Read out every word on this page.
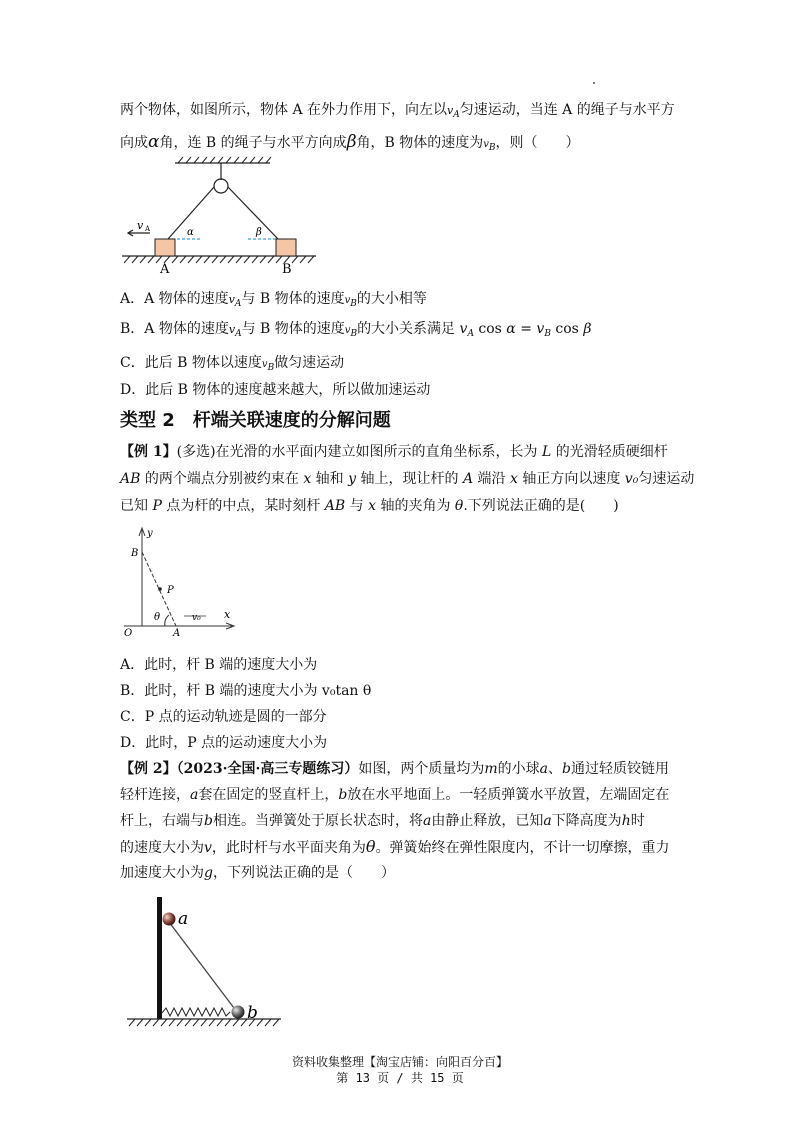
两个物体，如图所示，物体 A 在外力作用下，向左以$v_A$匀速运动，当连 A 的绳子与水平方
向成α角，连 B 的绳子与水平方向成β角，B 物体的速度为vB，则（　　）
v A	α	β
A	B
A．A 物体的速度$v_A$与 B 物体的速度vB的大小相等
B．A 物体的速度$v_A$与 B 物体的速度vB的大小关系满足 $v_A$ $\cos \alpha = v_B$ cos β
C．此后 B 物体以速度vB做匀速运动
D．此后 B 物体的速度越来越大，所以做加速运动
类型 2　杆端关联速度的分解问题
【例 1】(多选)在光滑的水平面内建立如图所示的直角坐标系，长为 L 的光滑轻质硬细杆
AB 的两个端点分别被约束在 x 轴和 y 轴上，现让杆的 A 端沿 x 轴正方向以速度 v₀匀速运动
已知 P 点为杆的中点，某时刻杆 AB 与 x 轴的夹角为 θ.下列说法正确的是(　　)
y
x
B
P
O	A
θ	v₀
A．此时，杆 B 端的速度大小为
B．此时，杆 B 端的速度大小为 v₀tan θ
C．P 点的运动轨迹是圆的一部分
D．此时，P 点的运动速度大小为
【例 2】（2023·全国·高三专题练习）如图，两个质量均为m的小球a、b通过轻质铰链用
轻杆连接，a套在固定的竖直杆上，b放在水平地面上。一轻质弹簧水平放置，左端固定在
杆上，右端与b相连。当弹簧处于原长状态时，将a由静止释放，已知a下降高度为h时
的速度大小为v，此时杆与水平面夹角为θ。弹簧始终在弹性限度内，不计一切摩擦，重力
加速度大小为g，下列说法正确的是（　　）
a
b
资料收集整理【淘宝店铺：向阳百分百】
第 13 页 / 共 15 页
